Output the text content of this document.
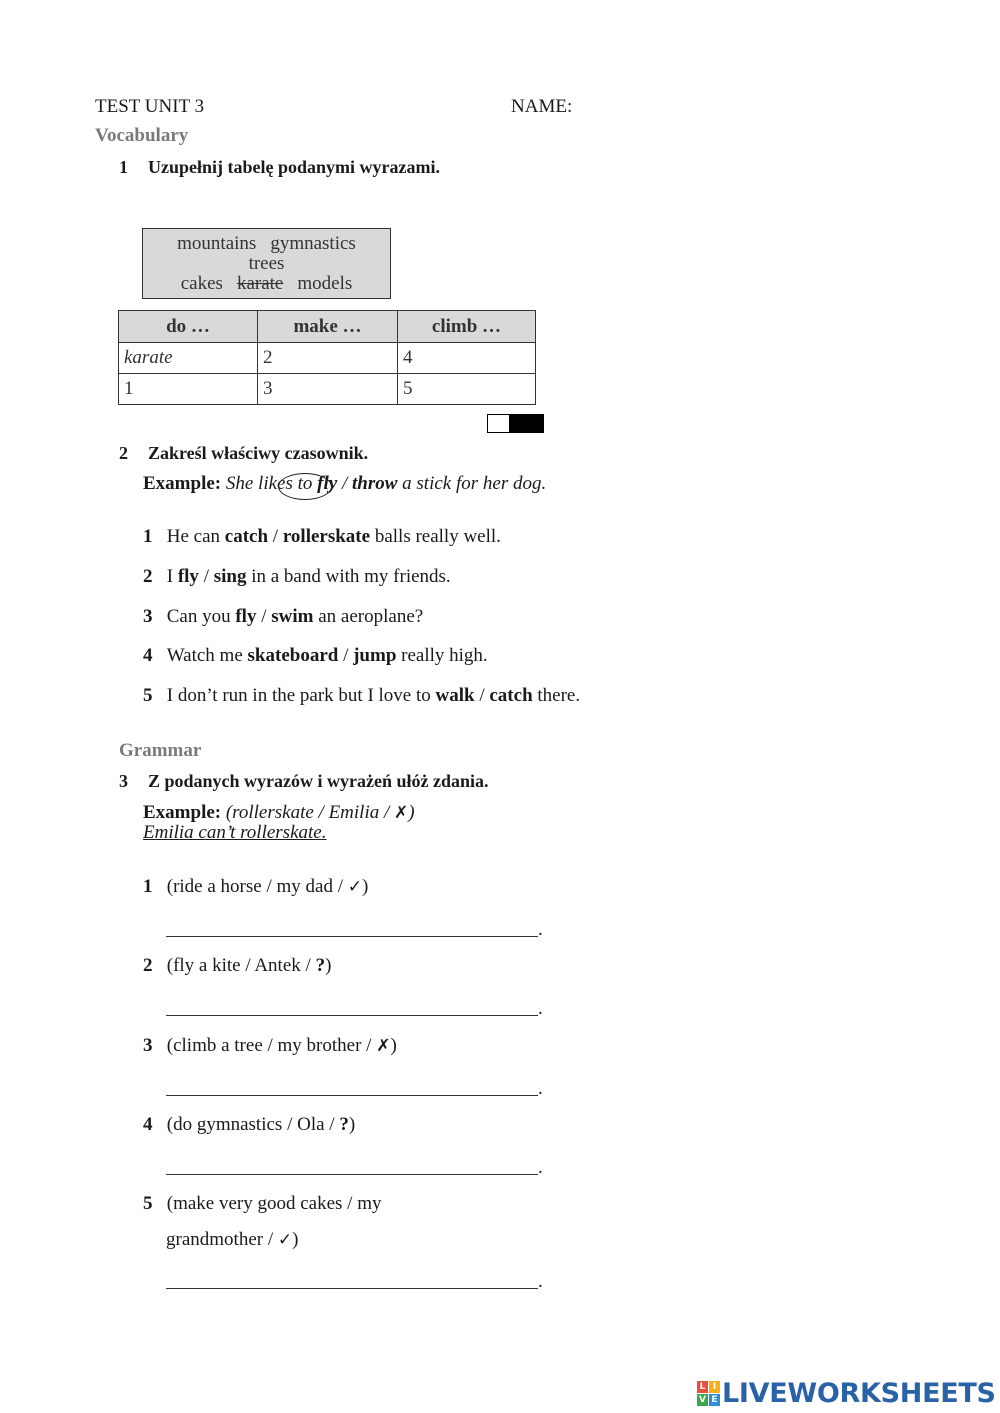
TEST UNIT 3	NAME:
Vocabulary
1 Uzupełnij tabelę podanymi wyrazami.
mountains gymnastics
trees
cakes karate models
do …	make …	climb …
karate	2	4
1	3	5
2 Zakreśl właściwy czasownik.
Example: She likes to fly / throw a stick for her dog.
1 He can catch / rollerskate balls really well.
2 I fly / sing in a band with my friends.
3 Can you fly / swim an aeroplane?
4 Watch me skateboard / jump really high.
5 I don’t run in the park but I love to walk / catch there.
Grammar
3 Z podanych wyrazów i wyrażeń ułóż zdania.
Example: (rollerskate / Emilia / ✗)
Emilia can’t rollerskate.
1 (ride a horse / my dad / ✓)
.
2 (fly a kite / Antek / ?)
.
3 (climb a tree / my brother / ✗)
.
4 (do gymnastics / Ola / ?)
.
5 (make very good cakes / my
grandmother / ✓)
.
L I
V E LIVEWORKSHEETS
